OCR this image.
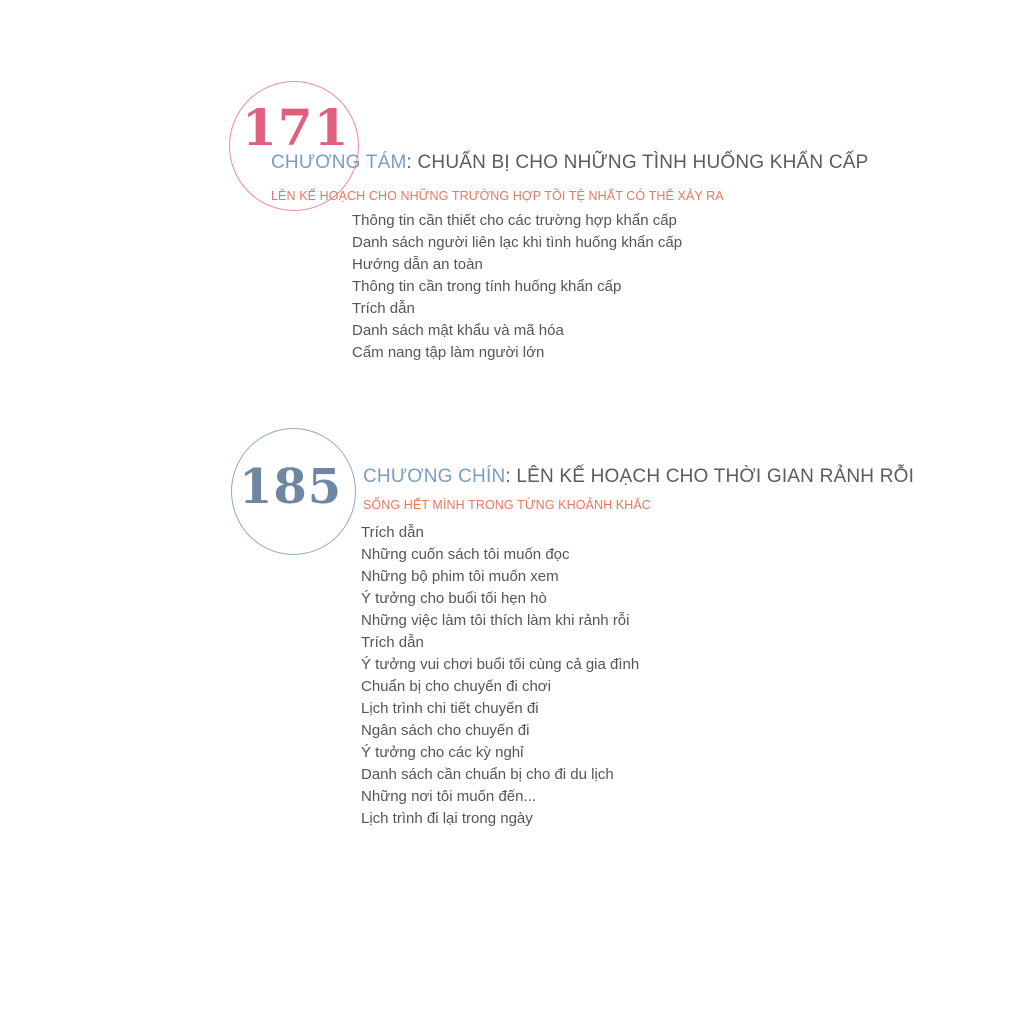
171
CHƯƠNG TÁM: CHUẨN BỊ CHO NHỮNG TÌNH HUỐNG KHẨN CẤP
LÊN KẾ HOẠCH CHO NHỮNG TRƯỜNG HỢP TỒI TỆ NHẤT CÓ THỂ XẢY RA
Thông tin cần thiết cho các trường hợp khẩn cấp
Danh sách người liên lạc khi tình huống khẩn cấp
Hướng dẫn an toàn
Thông tin cần trong tính huống khẩn cấp
Trích dẫn
Danh sách mật khẩu và mã hóa
Cẩm nang tập làm người lớn
185 CHƯƠNG CHÍN: LÊN KẾ HOẠCH CHO THỜI GIAN RẢNH RỖI
SỐNG HẾT MÌNH TRONG TỪNG KHOẢNH KHẮC
Trích dẫn
Những cuốn sách tôi muốn đọc
Những bộ phim tôi muốn xem
Ý tưởng cho buổi tối hẹn hò
Những việc làm tôi thích làm khi rảnh rỗi
Trích dẫn
Ý tưởng vui chơi buổi tối cùng cả gia đình
Chuẩn bị cho chuyến đi chơi
Lịch trình chi tiết chuyến đi
Ngân sách cho chuyến đi
Ý tưởng cho các kỳ nghỉ
Danh sách cần chuẩn bị cho đi du lịch
Những nơi tôi muốn đến...
Lịch trình đi lại trong ngày
